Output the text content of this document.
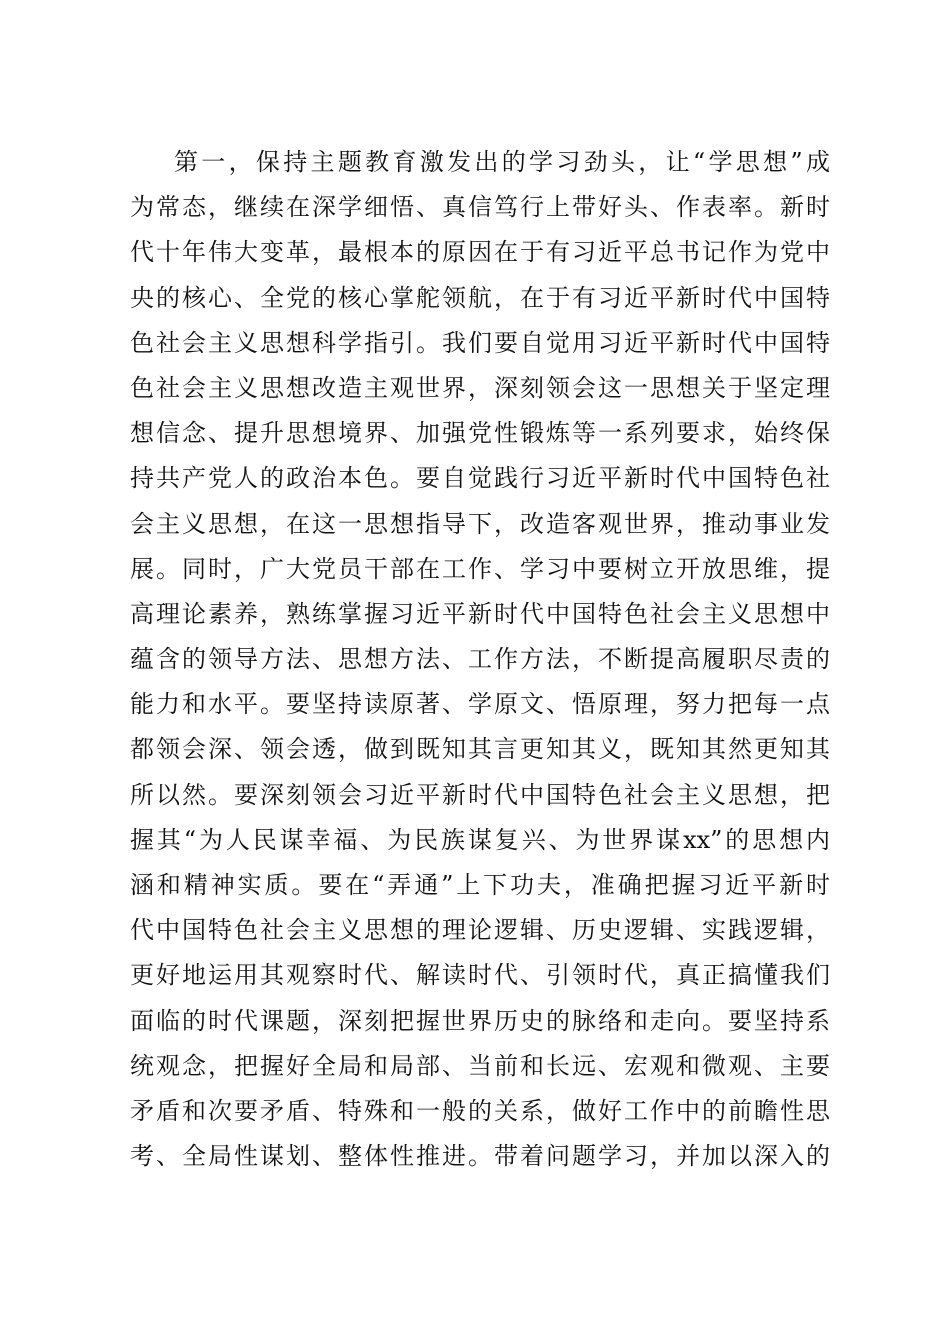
第一，保持主题教育激发出的学习劲头，让“学思想”成
为常态，继续在深学细悟、真信笃行上带好头、作表率。新时
代十年伟大变革，最根本的原因在于有习近平总书记作为党中
央的核心、全党的核心掌舵领航，在于有习近平新时代中国特
色社会主义思想科学指引。我们要自觉用习近平新时代中国特
色社会主义思想改造主观世界，深刻领会这一思想关于坚定理
想信念、提升思想境界、加强党性锻炼等一系列要求，始终保
持共产党人的政治本色。要自觉践行习近平新时代中国特色社
会主义思想，在这一思想指导下，改造客观世界，推动事业发
展。同时，广大党员干部在工作、学习中要树立开放思维，提
高理论素养，熟练掌握习近平新时代中国特色社会主义思想中
蕴含的领导方法、思想方法、工作方法，不断提高履职尽责的
能力和水平。要坚持读原著、学原文、悟原理，努力把每一点
都领会深、领会透，做到既知其言更知其义，既知其然更知其
所以然。要深刻领会习近平新时代中国特色社会主义思想，把
握其“为人民谋幸福、为民族谋复兴、为世界谋xx”的思想内
涵和精神实质。要在“弄通”上下功夫，准确把握习近平新时
代中国特色社会主义思想的理论逻辑、历史逻辑、实践逻辑，
更好地运用其观察时代、解读时代、引领时代，真正搞懂我们
面临的时代课题，深刻把握世界历史的脉络和走向。要坚持系
统观念，把握好全局和局部、当前和长远、宏观和微观、主要
矛盾和次要矛盾、特殊和一般的关系，做好工作中的前瞻性思
考、全局性谋划、整体性推进。带着问题学习，并加以深入的
